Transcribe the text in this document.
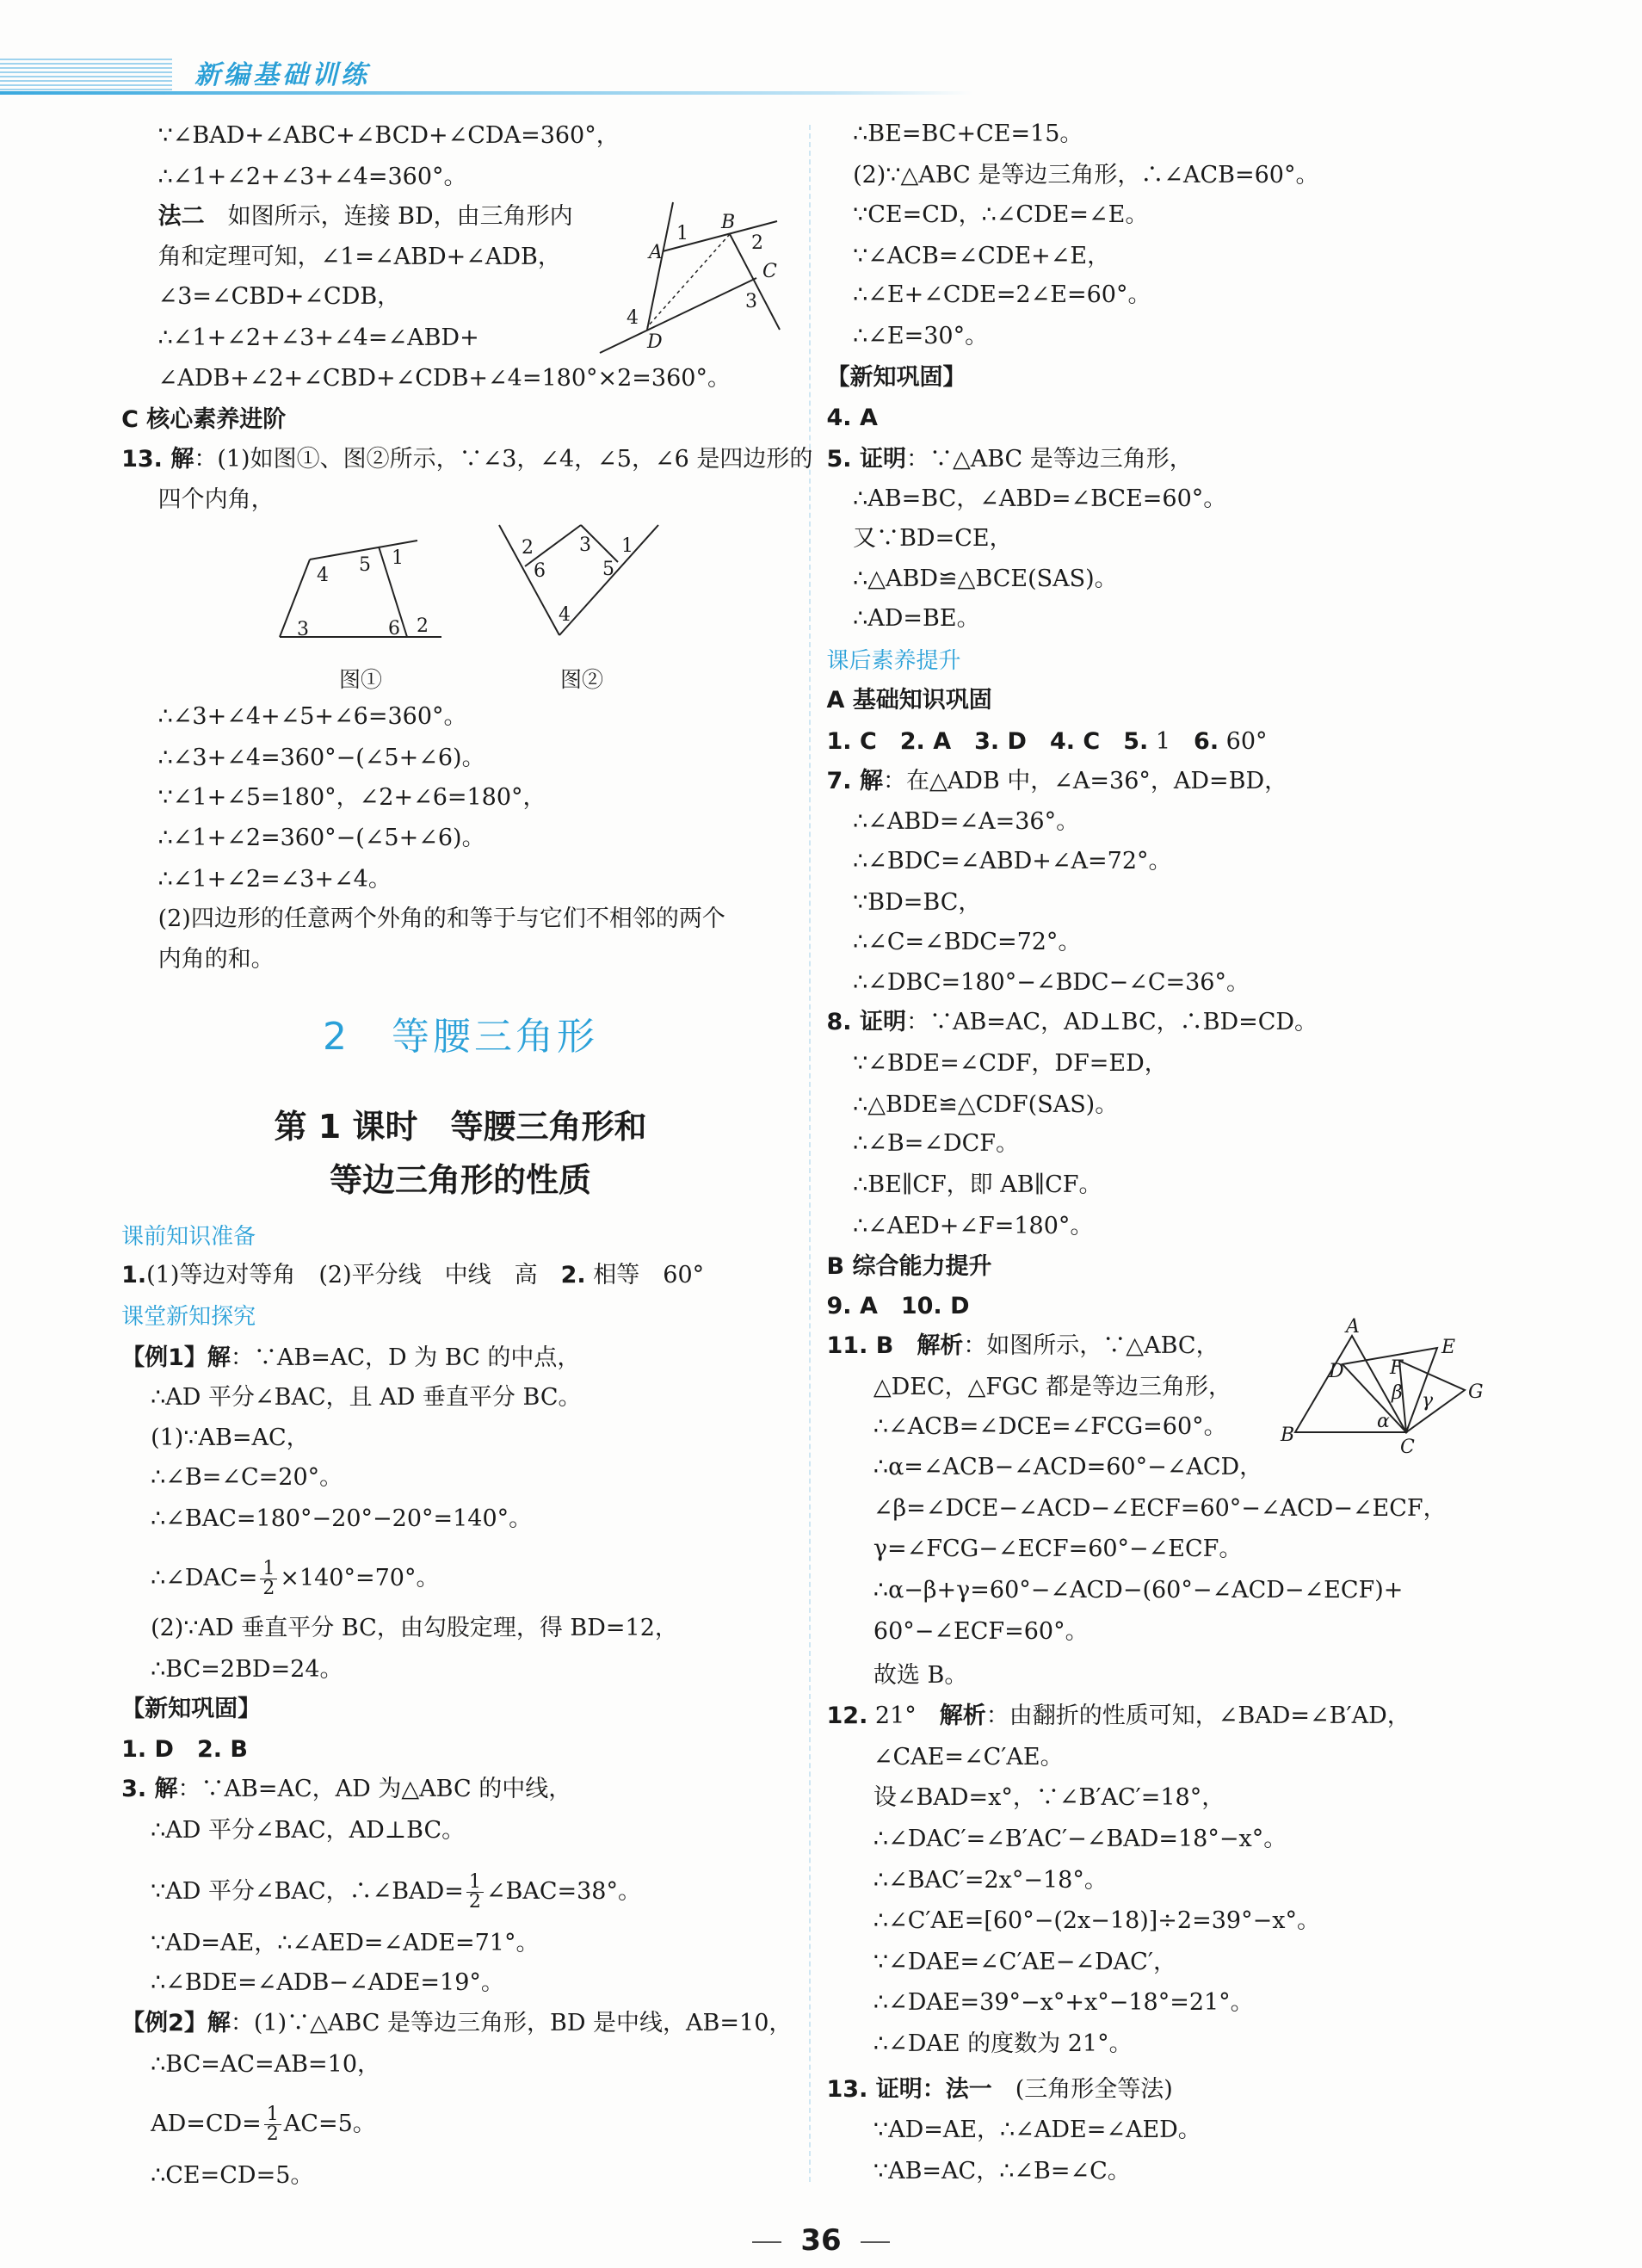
新编基础训练
∵∠BAD+∠ABC+∠BCD+∠CDA=360°，
∴∠1+∠2+∠3+∠4=360°。
法二　如图所示，连接 BD，由三角形内
角和定理可知，∠1=∠ABD+∠ADB，
∠3=∠CBD+∠CDB，
∴∠1+∠2+∠3+∠4=∠ABD+
∠ADB+∠2+∠CBD+∠CDB+∠4=180°×2=360°。
C 核心素养进阶
13. 解：(1)如图①、图②所示，∵∠3，∠4，∠5，∠6 是四边形的
四个内角，
∴∠3+∠4+∠5+∠6=360°。
∴∠3+∠4=360°−(∠5+∠6)。
∵∠1+∠5=180°，∠2+∠6=180°，
∴∠1+∠2=360°−(∠5+∠6)。
∴∠1+∠2=∠3+∠4。
(2)四边形的任意两个外角的和等于与它们不相邻的两个
内角的和。
课前知识准备
1.(1)等边对等角　(2)平分线　中线　高　2. 相等　60°
课堂新知探究
【例1】解：∵AB=AC，D 为 BC 的中点，
∴AD 平分∠BAC，且 AD 垂直平分 BC。
(1)∵AB=AC，
∴∠B=∠C=20°。
∴∠BAC=180°−20°−20°=140°。
∴∠DAC= $\frac{1}{2} \times 140^\circ=70^\circ$。
(2)∵AD 垂直平分 BC，由勾股定理，得 BD=12，
∴BC=2BD=24。
【新知巩固】
1. D　2. B
3. 解：∵AB=AC，AD 为△ABC 的中线，
∴AD 平分∠BAC，AD⊥BC。
∵AD 平分∠BAC，∴∠BAD= $\frac{1}{2}$ ∠BAC=38°。
∵AD=AE，∴∠AED=∠ADE=71°。
∴∠BDE=∠ADB−∠ADE=19°。
【例2】解：(1)∵△ABC 是等边三角形，BD 是中线，AB=10，
∴BC=AC=AB=10，
$AD=CD= \frac{1}{2} AC=5$。
∴CE=CD=5。
∴BE=BC+CE=15。
(2)∵△ABC 是等边三角形，∴∠ACB=60°。
∵CE=CD，∴∠CDE=∠E。
∵∠ACB=∠CDE+∠E，
∴∠E+∠CDE=2∠E=60°。
∴∠E=30°。
【新知巩固】
4. A
5. 证明：∵△ABC 是等边三角形，
∴AB=BC，∠ABD=∠BCE=60°。
又∵BD=CE，
∴△ABD≌△BCE(SAS)。
∴AD=BE。
课后素养提升
A 基础知识巩固
1. C　2. A　3. D　4. C　5. 1　6. 60°
7. 解：在△ADB 中，∠A=36°，AD=BD，
∴∠ABD=∠A=36°。
∴∠BDC=∠ABD+∠A=72°。
∵BD=BC，
∴∠C=∠BDC=72°。
∴∠DBC=180°−∠BDC−∠C=36°。
8. 证明：∵AB=AC，AD⊥BC，∴BD=CD。
∵∠BDE=∠CDF，DF=ED，
∴△BDE≌△CDF(SAS)。
∴∠B=∠DCF。
∴BE∥CF，即 AB∥CF。
∴∠AED+∠F=180°。
B 综合能力提升
9. A　10. D
11. B　 解析：如图所示，∵△ABC，
△DEC，△FGC 都是等边三角形，
∴∠ACB=∠DCE=∠FCG=60°。
∴α=∠ACB−∠ACD=60°−∠ACD，
∠β=∠DCE−∠ACD−∠ECF=60°−∠ACD−∠ECF，
γ=∠FCG−∠ECF=60°−∠ECF。
∴α−β+γ=60°−∠ACD−(60°−∠ACD−∠ECF)+
60°−∠ECF=60°。
故选 B。
12. 21°　解析：由翻折的性质可知，∠BAD=∠B′AD，
∠CAE=∠C′AE。
设∠BAD=x°，∵∠B′AC′=18°，
∴∠DAC′=∠B′AC′−∠BAD=18°−x°。
∴∠BAC′=2x°−18°。
∴∠C′AE=[60°−(2x−18)]÷2=39°−x°。
∵∠DAE=∠C′AE−∠DAC′，
∴∠DAE=39°−x°+x°−18°=21°。
∴∠DAE 的度数为 21°。
13. 证明：法一　(三角形全等法)
∵AD=AE，∴∠ADE=∠AED。
∵AB=AC，∴∠B=∠C。
2　等腰三角形
第 1 课时　等腰三角形和
等边三角形的性质
A
B
C
D
1	2
3
4
1
2
3
4 5
6
1
2 3
4
5
6
A
B
C
D
E
F
G
α
β γ
图①	图②
36
